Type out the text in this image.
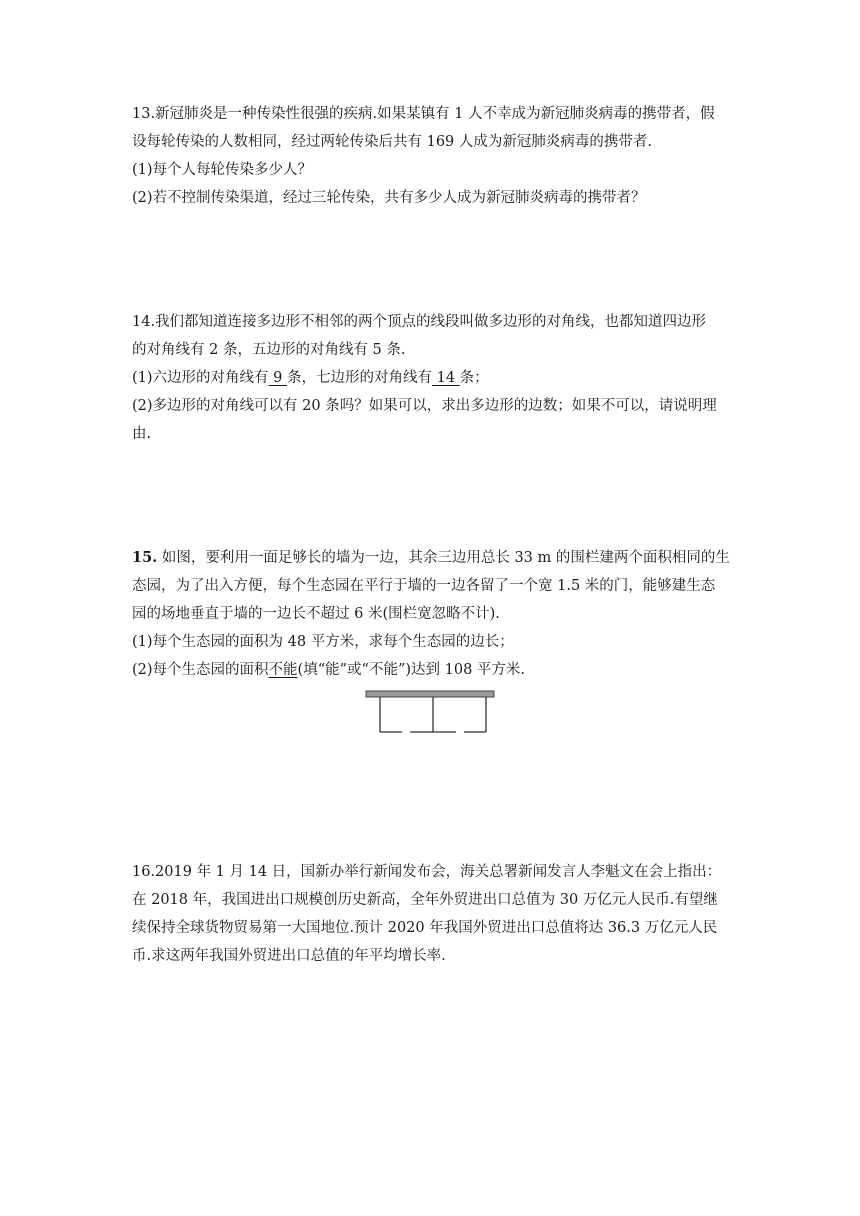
13.新冠肺炎是一种传染性很强的疾病.如果某镇有 1 人不幸成为新冠肺炎病毒的携带者，假
设每轮传染的人数相同，经过两轮传染后共有 169 人成为新冠肺炎病毒的携带者.
(1)每个人每轮传染多少人？
(2)若不控制传染渠道，经过三轮传染，共有多少人成为新冠肺炎病毒的携带者？
14.我们都知道连接多边形不相邻的两个顶点的线段叫做多边形的对角线，也都知道四边形
的对角线有 2 条，五边形的对角线有 5 条.
(1)六边形的对角线有 9 条，七边形的对角线有 14 条；
(2)多边形的对角线可以有 20 条吗？如果可以，求出多边形的边数；如果不可以，请说明理
由.
15. 如图，要利用一面足够长的墙为一边，其余三边用总长 33 m 的围栏建两个面积相同的生
态园，为了出入方便，每个生态园在平行于墙的一边各留了一个宽 1.5 米的门，能够建生态
园的场地垂直于墙的一边长不超过 6 米(围栏宽忽略不计).
(1)每个生态园的面积为 48 平方米，求每个生态园的边长；
(2)每个生态园的面积不能(填“能”或“不能”)达到 108 平方米.
16.2019 年 1 月 14 日，国新办举行新闻发布会，海关总署新闻发言人李魁文在会上指出：
在 2018 年，我国进出口规模创历史新高，全年外贸进出口总值为 30 万亿元人民币.有望继
续保持全球货物贸易第一大国地位.预计 2020 年我国外贸进出口总值将达 36.3 万亿元人民
币.求这两年我国外贸进出口总值的年平均增长率.
